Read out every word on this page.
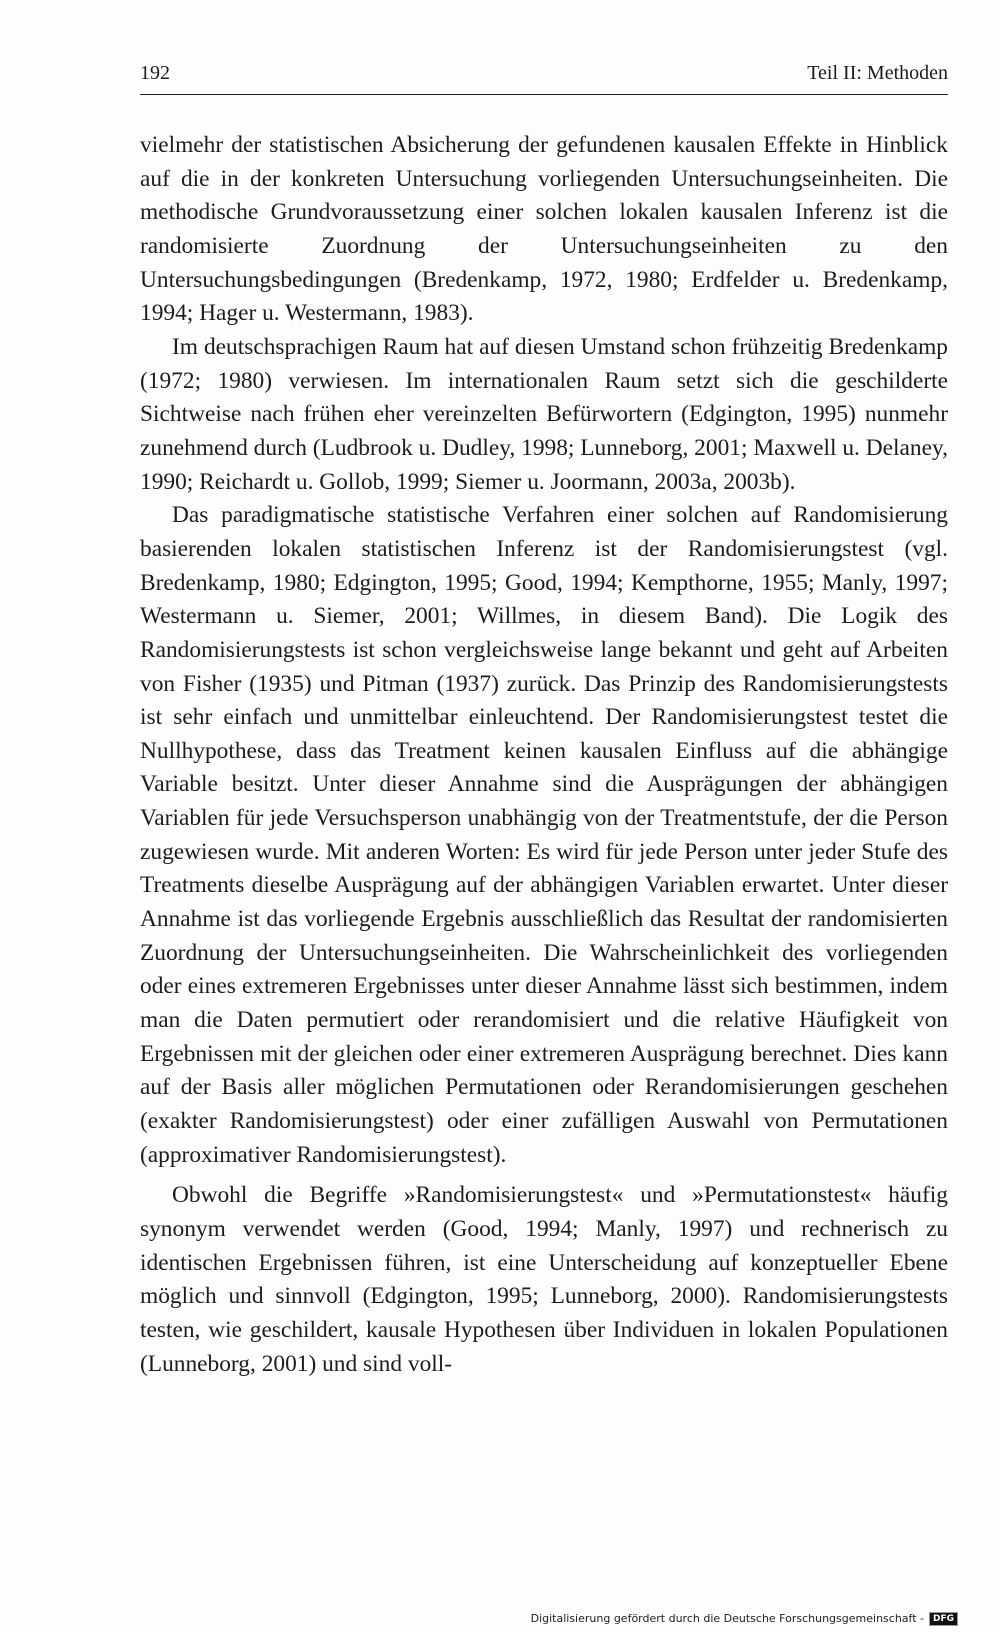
192	Teil II: Methoden

vielmehr der statistischen Absicherung der gefundenen kausalen Effekte in Hinblick auf die in der konkreten Untersuchung vorliegenden Untersuchungseinheiten. Die methodische Grundvoraussetzung einer solchen lokalen kausalen Inferenz ist die randomisierte Zuordnung der Untersuchungseinheiten zu den Untersuchungsbedingungen (Bredenkamp, 1972, 1980; Erdfelder u. Bredenkamp, 1994; Hager u. Westermann, 1983).

Im deutschsprachigen Raum hat auf diesen Umstand schon frühzeitig Bredenkamp (1972; 1980) verwiesen. Im internationalen Raum setzt sich die geschilderte Sichtweise nach frühen eher vereinzelten Befürwortern (Edgington, 1995) nunmehr zunehmend durch (Ludbrook u. Dudley, 1998; Lunneborg, 2001; Maxwell u. Delaney, 1990; Reichardt u. Gollob, 1999; Siemer u. Joormann, 2003a, 2003b).

Das paradigmatische statistische Verfahren einer solchen auf Randomisierung basierenden lokalen statistischen Inferenz ist der Randomisierungstest (vgl. Bredenkamp, 1980; Edgington, 1995; Good, 1994; Kempthorne, 1955; Manly, 1997; Westermann u. Siemer, 2001; Willmes, in diesem Band). Die Logik des Randomisierungstests ist schon vergleichsweise lange bekannt und geht auf Arbeiten von Fisher (1935) und Pitman (1937) zurück. Das Prinzip des Randomisierungstests ist sehr einfach und unmittelbar einleuchtend. Der Randomisierungstest testet die Nullhypothese, dass das Treatment keinen kausalen Einfluss auf die abhängige Variable besitzt. Unter dieser Annahme sind die Ausprägungen der abhängigen Variablen für jede Versuchsperson unabhängig von der Treatmentstufe, der die Person zugewiesen wurde. Mit anderen Worten: Es wird für jede Person unter jeder Stufe des Treatments dieselbe Ausprägung auf der abhängigen Variablen erwartet. Unter dieser Annahme ist das vorliegende Ergebnis ausschließlich das Resultat der randomisierten Zuordnung der Untersuchungseinheiten. Die Wahrscheinlichkeit des vorliegenden oder eines extremeren Ergebnisses unter dieser Annahme lässt sich bestimmen, indem man die Daten permutiert oder rerandomisiert und die relative Häufigkeit von Ergebnissen mit der gleichen oder einer extremeren Ausprägung berechnet. Dies kann auf der Basis aller möglichen Permutationen oder Rerandomisierungen geschehen (exakter Randomisierungstest) oder einer zufälligen Auswahl von Permutationen (approximativer Randomisierungstest).

Obwohl die Begriffe »Randomisierungstest« und »Permutationstest« häufig synonym verwendet werden (Good, 1994; Manly, 1997) und rechnerisch zu identischen Ergebnissen führen, ist eine Unterscheidung auf konzeptueller Ebene möglich und sinnvoll (Edgington, 1995; Lunneborg, 2000). Randomisierungstests testen, wie geschildert, kausale Hypothesen über Individuen in lokalen Populationen (Lunneborg, 2001) und sind voll-

Digitalisierung gefördert durch die Deutsche Forschungsgemeinschaft - DFG
